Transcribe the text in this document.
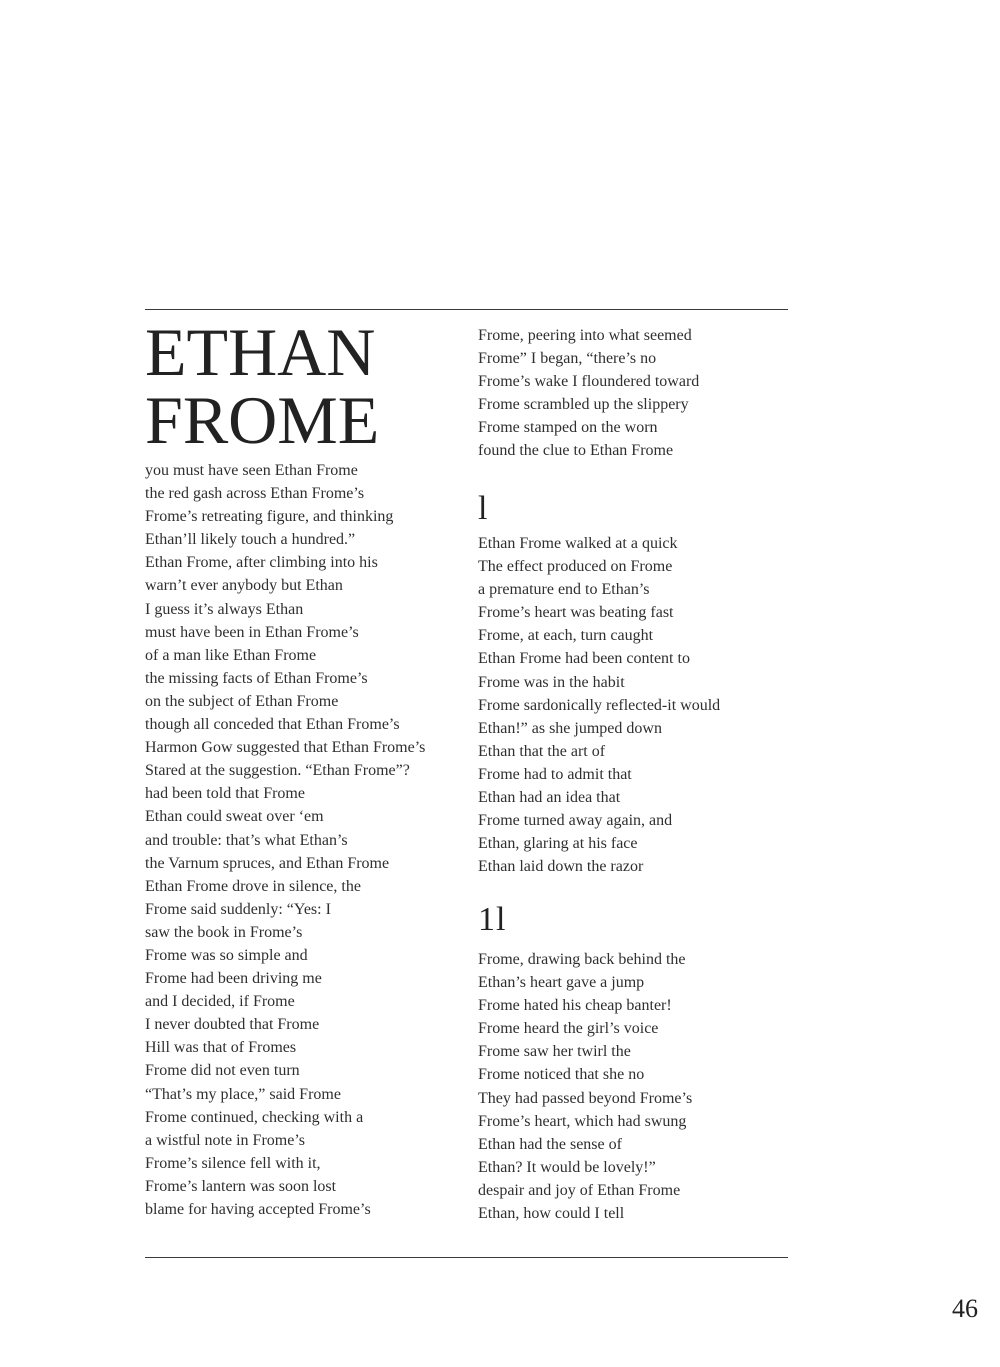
ETHAN
FROME
you must have seen Ethan Frome
the red gash across Ethan Frome’s
Frome’s retreating figure, and thinking
Ethan’ll likely touch a hundred.”
Ethan Frome, after climbing into his
warn’t ever anybody but Ethan
I guess it’s always Ethan
must have been in Ethan Frome’s
of a man like Ethan Frome
the missing facts of Ethan Frome’s
on the subject of Ethan Frome
though all conceded that Ethan Frome’s
Harmon Gow suggested that Ethan Frome’s
Stared at the suggestion. “Ethan Frome”?
had been told that Frome
Ethan could sweat over ‘em
and trouble: that’s what Ethan’s
the Varnum spruces, and Ethan Frome
Ethan Frome drove in silence, the
Frome said suddenly: “Yes: I
saw the book in Frome’s
Frome was so simple and
Frome had been driving me
and I decided, if Frome
I never doubted that Frome
Hill was that of Fromes
Frome did not even turn
“That’s my place,” said Frome
Frome continued, checking with a
a wistful note in Frome’s
Frome’s silence fell with it,
Frome’s lantern was soon lost
blame for having accepted Frome’s
Frome, peering into what seemed
Frome” I began, “there’s no
Frome’s wake I floundered toward
Frome scrambled up the slippery
Frome stamped on the worn
found the clue to Ethan Frome
l
Ethan Frome walked at a quick
The effect produced on Frome
a premature end to Ethan’s
Frome’s heart was beating fast
Frome, at each, turn caught
Ethan Frome had been content to
Frome was in the habit
Frome sardonically reflected-it would
Ethan!” as she jumped down
Ethan that the art of
Frome had to admit that
Ethan had an idea that
Frome turned away again, and
Ethan, glaring at his face
Ethan laid down the razor
1l
Frome, drawing back behind the
Ethan’s heart gave a jump
Frome hated his cheap banter!
Frome heard the girl’s voice
Frome saw her twirl the
Frome noticed that she no
They had passed beyond Frome’s
Frome’s heart, which had swung
Ethan had the sense of
Ethan? It would be lovely!”
despair and joy of Ethan Frome
Ethan, how could I tell
46
